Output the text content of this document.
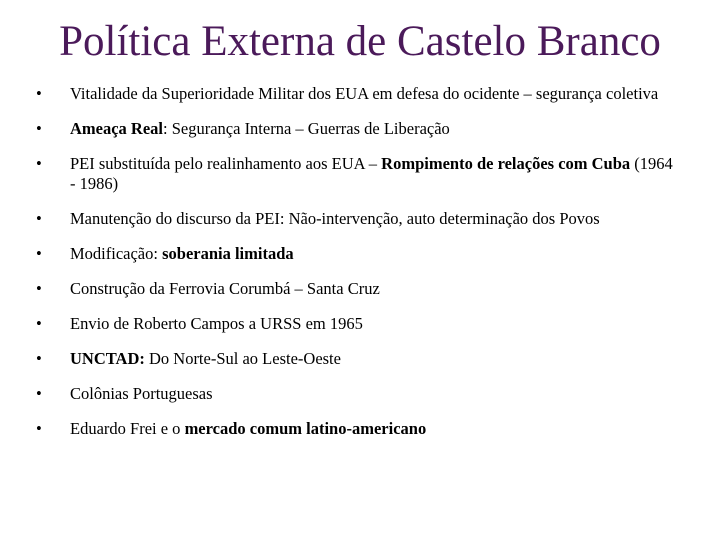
Política Externa de Castelo Branco
•	Vitalidade da Superioridade Militar dos EUA em defesa do ocidente – segurança coletiva
•	Ameaça Real: Segurança Interna – Guerras de Liberação
•	PEI substituída pelo realinhamento aos EUA – Rompimento de relações com Cuba (1964 - 1986)
•	Manutenção do discurso da PEI: Não-intervenção, auto determinação dos Povos
•	Modificação: soberania limitada
•	Construção da Ferrovia Corumbá – Santa Cruz
•	Envio de Roberto Campos a URSS em 1965
•	UNCTAD: Do Norte-Sul ao Leste-Oeste
•	Colônias Portuguesas
•	Eduardo Frei e o mercado comum latino-americano
